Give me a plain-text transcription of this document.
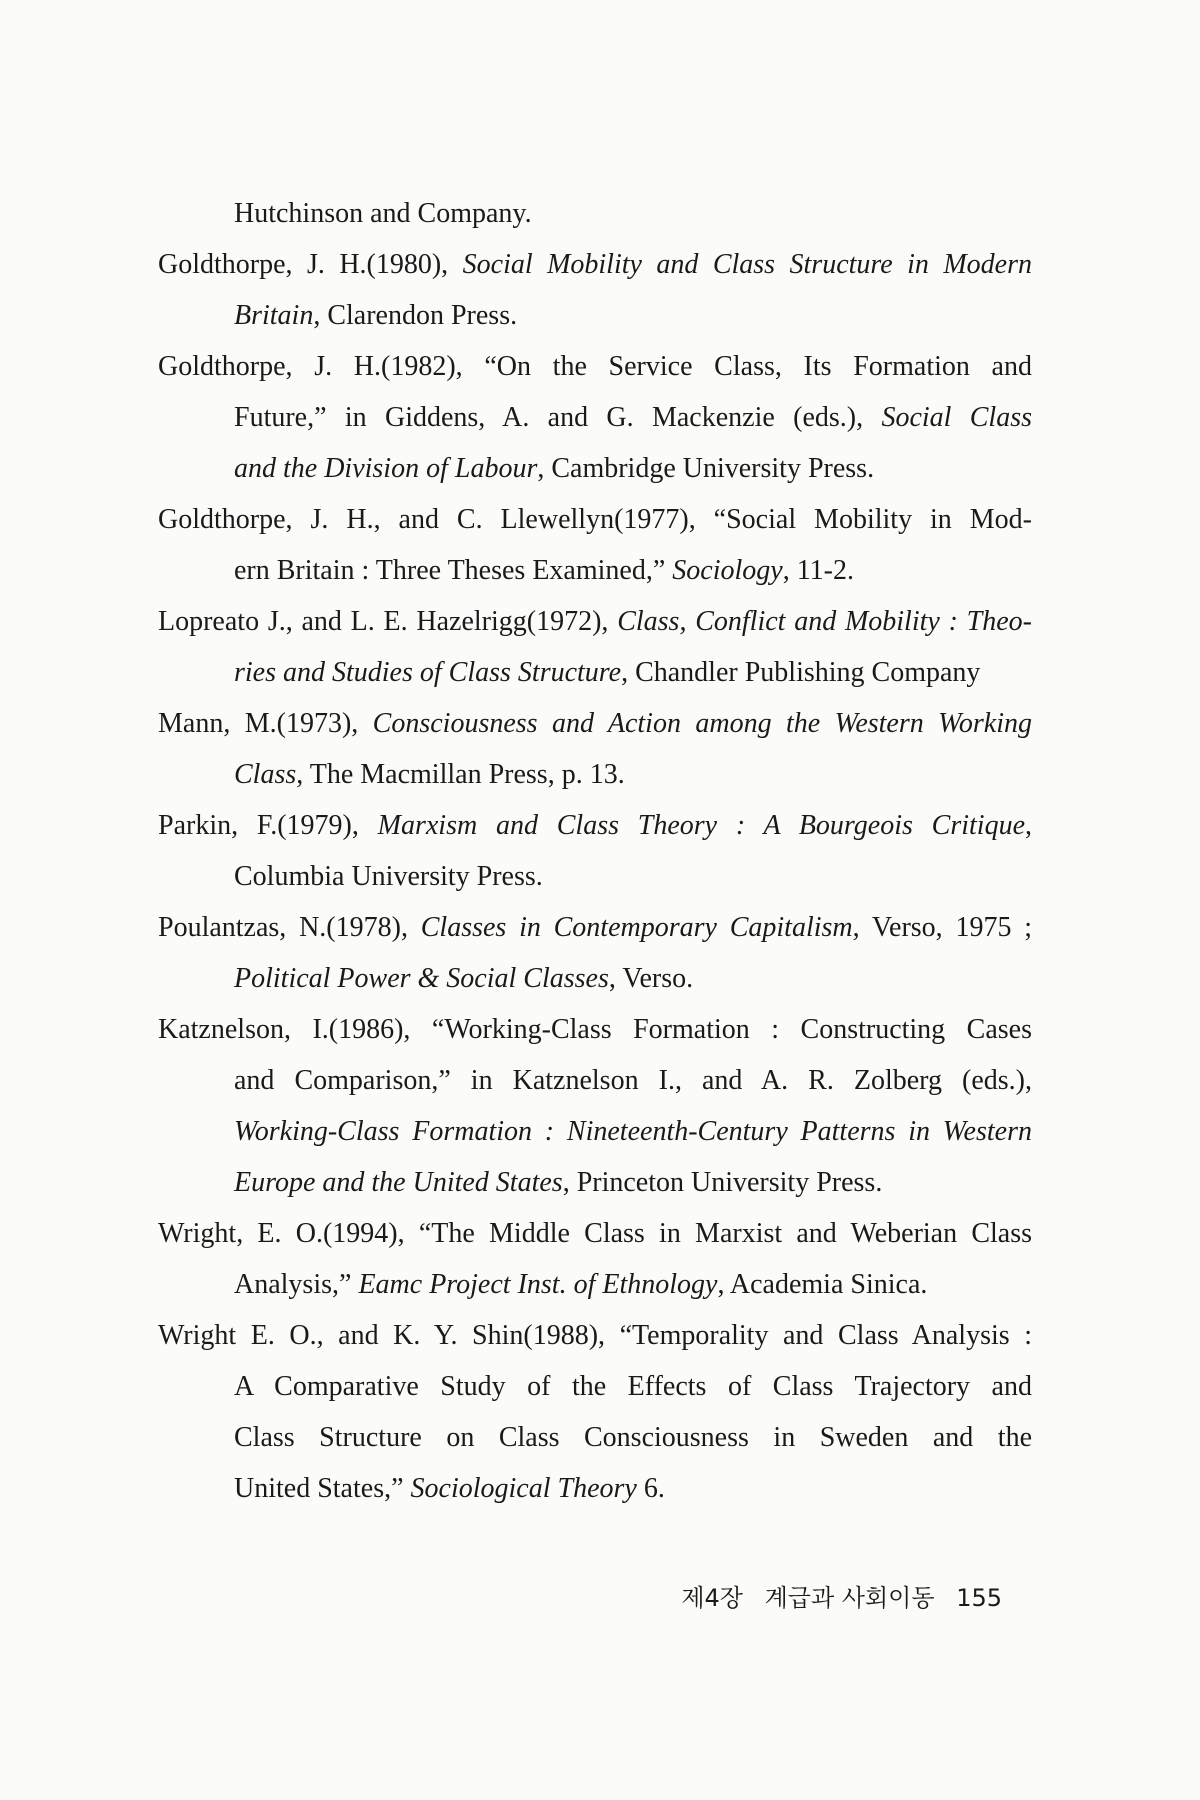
Hutchinson and Company.
Goldthorpe, J. H.(1980), Social Mobility and Class Structure in Modern
Britain, Clarendon Press.
Goldthorpe, J. H.(1982), “On the Service Class, Its Formation and
Future,” in Giddens, A. and G. Mackenzie (eds.), Social Class
and the Division of Labour, Cambridge University Press.
Goldthorpe, J. H., and C. Llewellyn(1977), “Social Mobility in Mod-
ern Britain : Three Theses Examined,” Sociology, 11-2.
Lopreato J., and L. E. Hazelrigg(1972), Class, Conflict and Mobility : Theo-
ries and Studies of Class Structure, Chandler Publishing Company
Mann, M.(1973), Consciousness and Action among the Western Working
Class, The Macmillan Press, p. 13.
Parkin, F.(1979), Marxism and Class Theory : A Bourgeois Critique,
Columbia University Press.
Poulantzas, N.(1978), Classes in Contemporary Capitalism, Verso, 1975 ;
Political Power & Social Classes, Verso.
Katznelson, I.(1986), “Working-Class Formation : Constructing Cases
and Comparison,” in Katznelson I., and A. R. Zolberg (eds.),
Working-Class Formation : Nineteenth-Century Patterns in Western
Europe and the United States, Princeton University Press.
Wright, E. O.(1994), “The Middle Class in Marxist and Weberian Class
Analysis,” Eamc Project Inst. of Ethnology, Academia Sinica.
Wright E. O., and K. Y. Shin(1988), “Temporality and Class Analysis :
A Comparative Study of the Effects of Class Trajectory and
Class Structure on Class Consciousness in Sweden and the
United States,” Sociological Theory 6.
제4장 계급과 사회이동 155
